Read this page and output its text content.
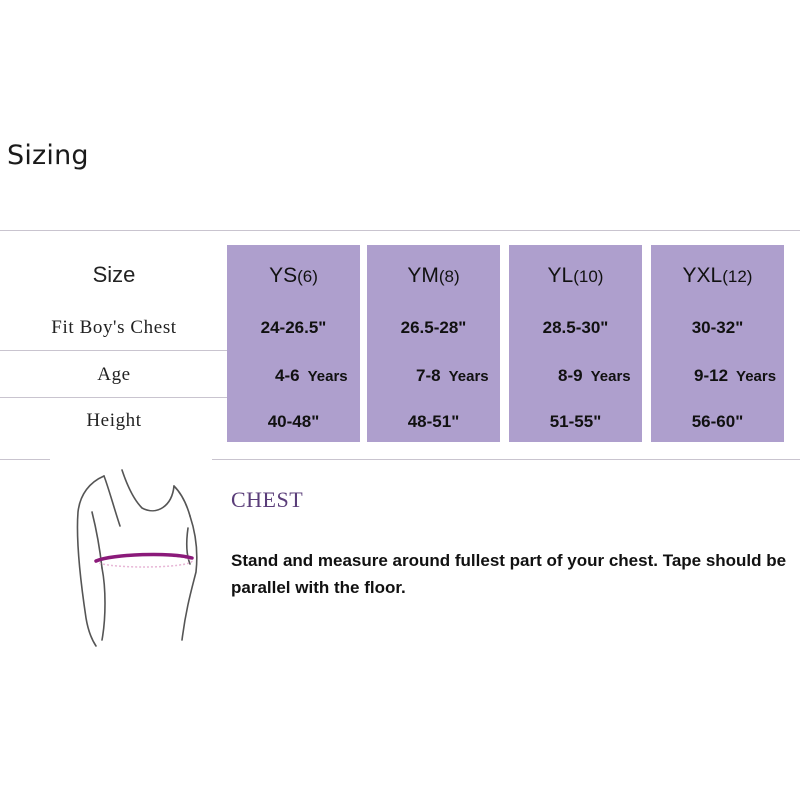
Sizing
Size
Fit Boy's Chest
Age
Height
YS(6)
24-26.5"
4-6 Years
40-48"
YM(8)
26.5-28"
7-8 Years
48-51"
YL(10)
28.5-30"
8-9 Years
51-55"
YXL(12)
30-32"
9-12 Years
56-60"
CHEST
Stand and measure around fullest part of your chest. Tape should be parallel with the floor.
